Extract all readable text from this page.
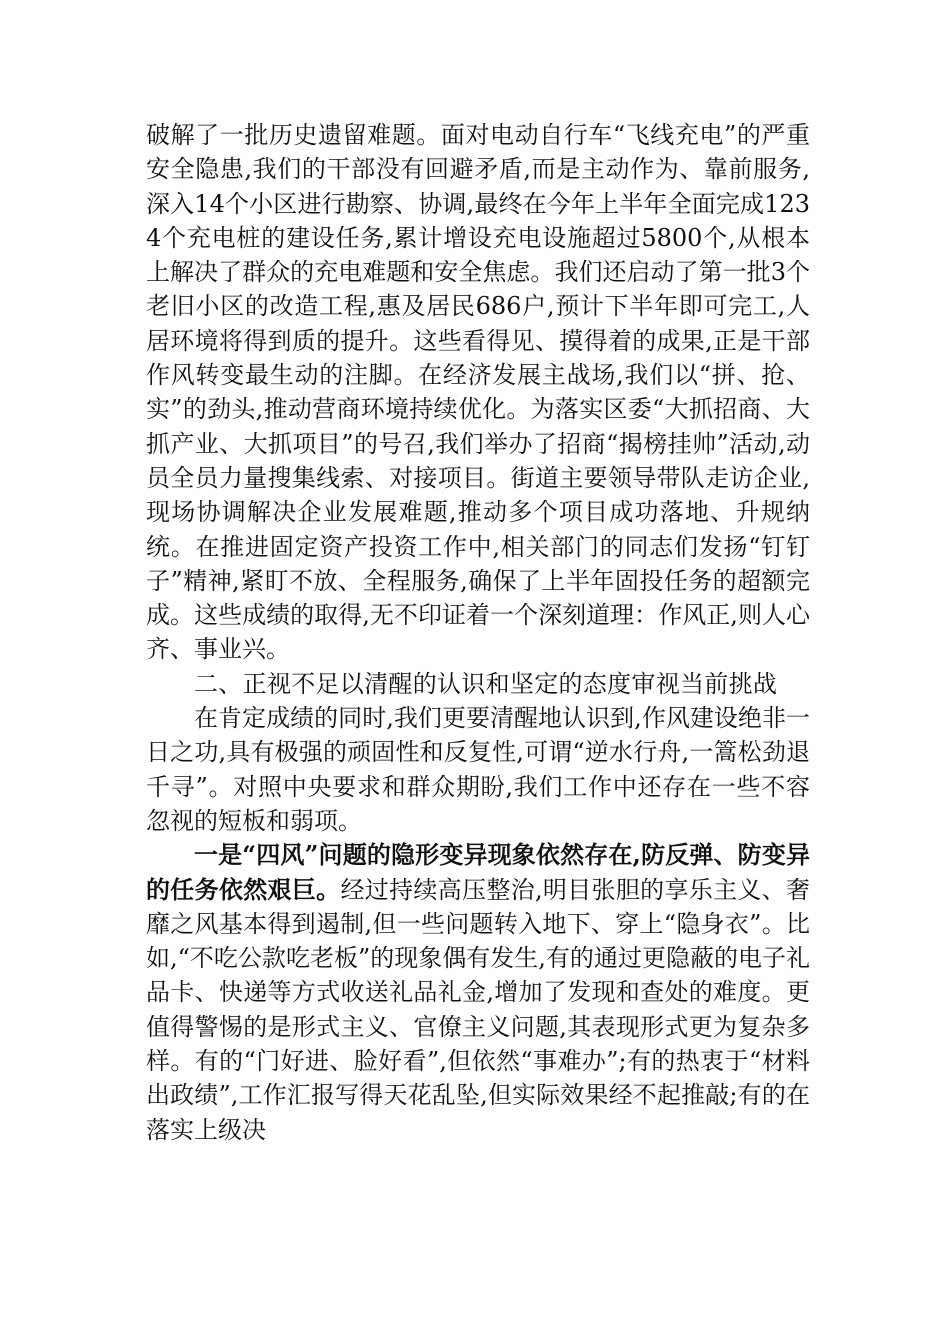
破解了一批历史遗留难题。面对电动自行车“飞线充电”的严重安全隐患,我们的干部没有回避矛盾,而是主动作为、靠前服务,深入14个小区进行勘察、协调,最终在今年上半年全面完成1234个充电桩的建设任务,累计增设充电设施超过5800个,从根本上解决了群众的充电难题和安全焦虑。我们还启动了第一批3个老旧小区的改造工程,惠及居民686户,预计下半年即可完工,人居环境将得到质的提升。这些看得见、摸得着的成果,正是干部作风转变最生动的注脚。在经济发展主战场,我们以“拼、抢、实”的劲头,推动营商环境持续优化。为落实区委“大抓招商、大抓产业、大抓项目”的号召,我们举办了招商“揭榜挂帅”活动,动员全员力量搜集线索、对接项目。街道主要领导带队走访企业,现场协调解决企业发展难题,推动多个项目成功落地、升规纳统。在推进固定资产投资工作中,相关部门的同志们发扬“钉钉子”精神,紧盯不放、全程服务,确保了上半年固投任务的超额完成。这些成绩的取得,无不印证着一个深刻道理：作风正,则人心齐、事业兴。

二、正视不足以清醒的认识和坚定的态度审视当前挑战

在肯定成绩的同时,我们更要清醒地认识到,作风建设绝非一日之功,具有极强的顽固性和反复性,可谓“逆水行舟,一篙松劲退千寻”。对照中央要求和群众期盼,我们工作中还存在一些不容忽视的短板和弱项。

一是“四风”问题的隐形变异现象依然存在,防反弹、防变异的任务依然艰巨。经过持续高压整治,明目张胆的享乐主义、奢靡之风基本得到遏制,但一些问题转入地下、穿上“隐身衣”。比如,“不吃公款吃老板”的现象偶有发生,有的通过更隐蔽的电子礼品卡、快递等方式收送礼品礼金,增加了发现和查处的难度。更值得警惕的是形式主义、官僚主义问题,其表现形式更为复杂多样。有的“门好进、脸好看”,但依然“事难办”;有的热衷于“材料出政绩”,工作汇报写得天花乱坠,但实际效果经不起推敲;有的在落实上级决
